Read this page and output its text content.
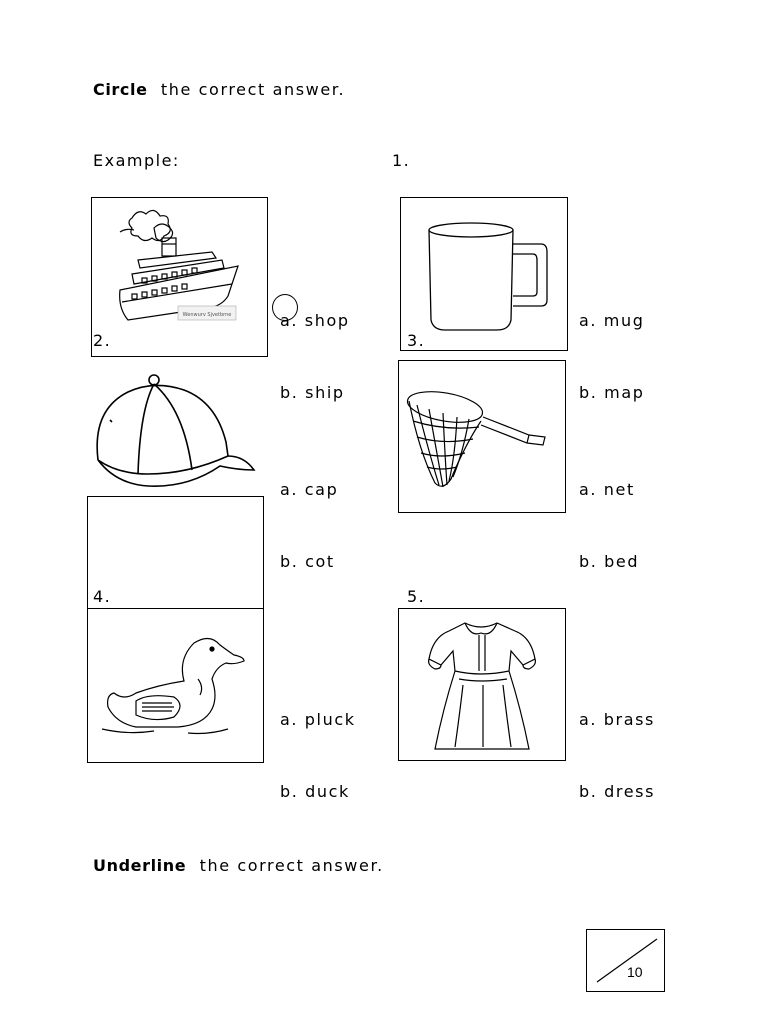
Circle the correct answer.
Example:	1.
Wenwurv Sjvetbrne

	a. shop

b. ship

a. mug

b. map

2.	3.

a. cap

b. cot

a. net

b. bed

4.	5.

a. pluck

b. duck

a. brass

b. dress

Underline the correct answer.
10
